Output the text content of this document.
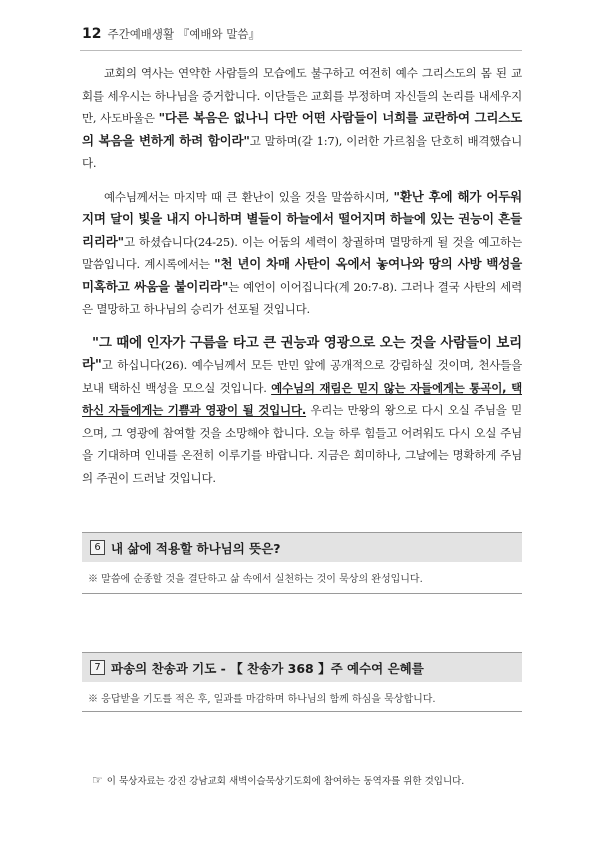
12 주간예배생활 『예배와 말씀』

교회의 역사는 연약한 사람들의 모습에도 불구하고 여전히 예수 그리스도의 몸 된 교회를 세우시는 하나님을 증거합니다. 이단들은 교회를 부정하며 자신들의 논리를 내세우지만, 사도바울은 "다른 복음은 없나니 다만 어떤 사람들이 너희를 교란하여 그리스도의 복음을 변하게 하려 함이라"고 말하며(갈 1:7), 이러한 가르침을 단호히 배격했습니다.

예수님께서는 마지막 때 큰 환난이 있을 것을 말씀하시며, "환난 후에 해가 어두워지며 달이 빛을 내지 아니하며 별들이 하늘에서 떨어지며 하늘에 있는 권능이 흔들리리라"고 하셨습니다(24-25). 이는 어둠의 세력이 창궐하며 멸망하게 될 것을 예고하는 말씀입니다. 계시록에서는 "천 년이 차매 사탄이 옥에서 놓여나와 땅의 사방 백성을 미혹하고 싸움을 붙이리라"는 예언이 이어집니다(계 20:7-8). 그러나 결국 사탄의 세력은 멸망하고 하나님의 승리가 선포될 것입니다.

"그 때에 인자가 구름을 타고 큰 권능과 영광으로 오는 것을 사람들이 보리라"고 하십니다(26). 예수님께서 모든 만민 앞에 공개적으로 강림하실 것이며, 천사들을 보내 택하신 백성을 모으실 것입니다. 예수님의 재림은 믿지 않는 자들에게는 통곡이, 택하신 자들에게는 기쁨과 영광이 될 것입니다. 우리는 만왕의 왕으로 다시 오실 주님을 믿으며, 그 영광에 참여할 것을 소망해야 합니다. 오늘 하루 힘들고 어려워도 다시 오실 주님을 기대하며 인내를 온전히 이루기를 바랍니다. 지금은 희미하나, 그날에는 명확하게 주님의 주권이 드러날 것입니다.

6 내 삶에 적용할 하나님의 뜻은?
※ 말씀에 순종할 것을 결단하고 삶 속에서 실천하는 것이 묵상의 완성입니다.
7 파송의 찬송과 기도 - 【 찬송가 368 】주 예수여 은혜를
※ 응답받을 기도를 적은 후, 일과를 마감하며 하나님의 함께 하심을 묵상합니다.
☞ 이 묵상자료는 강진 강남교회 새벽이슬묵상기도회에 참여하는 동역자를 위한 것입니다.
